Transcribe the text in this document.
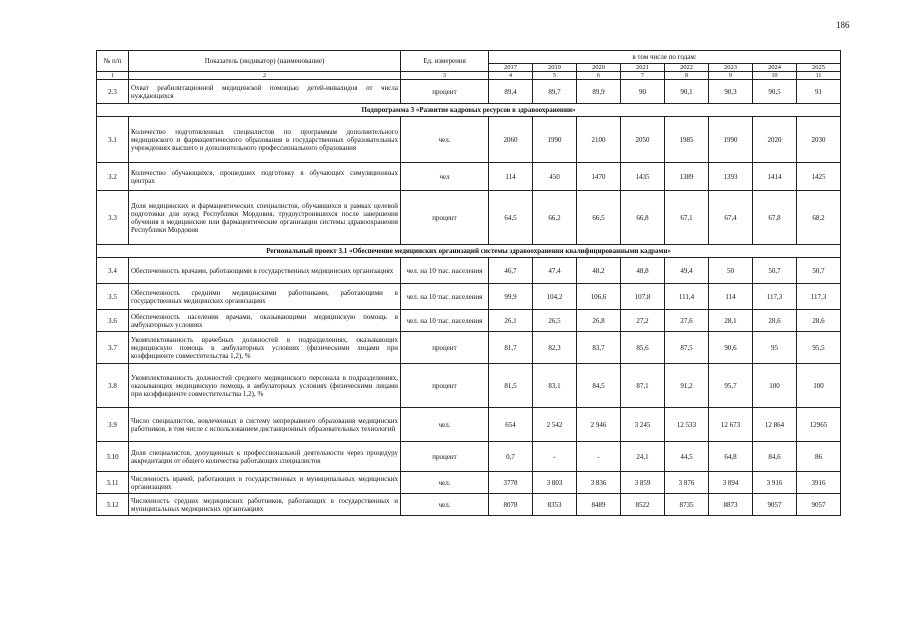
186
№ п/п	Показатель (индикатор) (наименование)	Ед. измерения	в том числе по годам:							
			2017	2019	2020	2021	2022	2023	2024	2025
1	2	3	4	5	6	7	8	9	10	11
2.3	Охват реабилитационной медицинской помощью детей-инвалидов от числа нуждающихся	процент	89,4	89,7	89,9	90	90,1	90,3	90,5	91
Подпрограмма 3 «Развитие кадровых ресурсов в здравоохранении»										
3.1	Количество подготовленных специалистов по программам дополнительного медицинского и фармацевтического образования в государственных образовательных учреждениях высшего и дополнительного профессионального образования	чел.	2060	1990	2100	2050	1985	1990	2020	2030
3.2	Количество обучающихся, прошедших подготовку в обучающих симуляционных центрах	чел	114	450	1470	1435	1389	1393	1414	1425
3.3	Доля медицинских и фармацевтических специалистов, обучавшихся в рамках целевой подготовки для нужд Республики Мордовия, трудоустроившихся после завершения обучения в медицинские или фармацевтические организации системы здравоохранения Республики Мордовия	процент	64,5	66,2	66,5	66,8	67,1	67,4	67,8	68,2
Региональный проект 3.1 «Обеспечение медицинских организаций системы здравоохранения квалифицированными кадрами»										
3.4	Обеспеченность врачами, работающими в государственных медицинских организациях	чел. на 10 тыс. населения	46,7	47,4	48,2	48,8	49,4	50	50,7	50,7
3.5	Обеспеченность средними медицинскими работниками, работающими в государственных медицинских организациях	чел. на 10 тыс. населения	99,9	104,2	106,6	107,8	111,4	114	117,3	117,3
3.6	Обеспеченность населения врачами, оказывающими медицинскую помощь в амбулаторных условиях	чел. на 10 тыс. населения	26,1	26,5	26,8	27,2	27,6	28,1	28,6	28,6
3.7	Укомплектованность врачебных должностей в подразделениях, оказывающих медицинскую помощь в амбулаторных условиях (физическими лицами при коэффициенте совместительства 1,2), %	процент	81,7	82,3	83,7	85,6	87,5	90,6	95	95,5
3.8	Укомплектованность должностей среднего медицинского персонала в подразделениях, оказывающих медицинскую помощь в амбулаторных условиях (физическими лицами при коэффициенте совместительства 1,2), %	процент	81,5	83,1	84,5	87,1	91,2	95,7	100	100
3.9	Число специалистов, вовлеченных в систему непрерывного образования медицинских работников, в том числе с использованием дистанционных образовательных технологий	чел.	654	2 542	2 946	3 245	12 533	12 673	12 864	12965
3.10	Доля специалистов, допущенных к профессиональной деятельности через процедуру аккредитации от общего количества работающих специалистов	процент	0,7	-	-	24,1	44,5	64,8	84,6	86
3.11	Численность врачей, работающих в государственных и муниципальных медицинских организациях	чел.	3778	3 803	3 836	3 859	3 876	3 894	3 916	3916
3.12	Численность средних медицинских работников, работающих в государственных и муниципальных медицинских организациях	чел.	8078	8353	8489	8522	8735	8873	9057	9057
